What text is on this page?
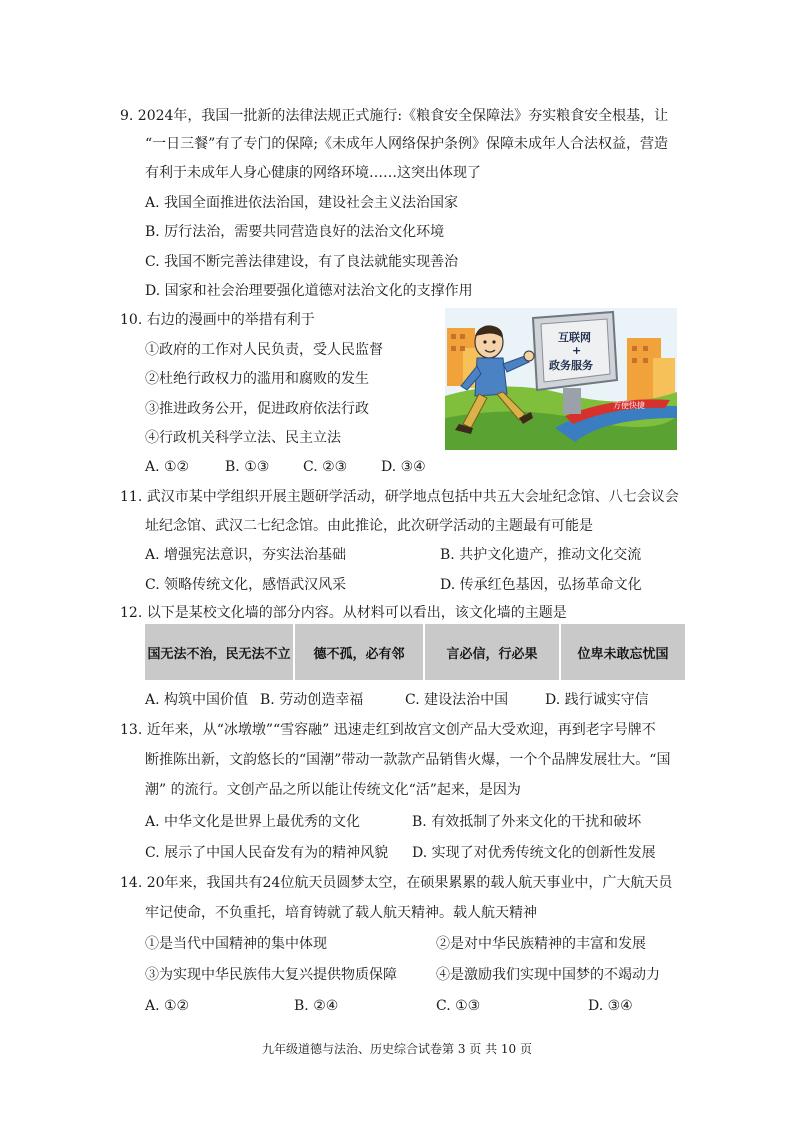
9. 2024年，我国一批新的法律法规正式施行:《粮食安全保障法》夯实粮食安全根基，让
“一日三餐”有了专门的保障;《未成年人网络保护条例》保障未成年人合法权益，营造
有利于未成年人身心健康的网络环境……这突出体现了
A. 我国全面推进依法治国，建设社会主义法治国家
B. 厉行法治，需要共同营造良好的法治文化环境
C. 我国不断完善法律建设，有了良法就能实现善治
D. 国家和社会治理要强化道德对法治文化的支撑作用
10. 右边的漫画中的举措有利于
①政府的工作对人民负责，受人民监督
②杜绝行政权力的滥用和腐败的发生
③推进政务公开，促进政府依法行政
④行政机关科学立法、民主立法
A. ①②	B. ①③ C. ②③ D. ③④
方便快捷
互联网
+
政务服务
11. 武汉市某中学组织开展主题研学活动，研学地点包括中共五大会址纪念馆、八七会议会
址纪念馆、武汉二七纪念馆。由此推论，此次研学活动的主题最有可能是
A. 增强宪法意识，夯实法治基础	B. 共护文化遗产，推动文化交流
C. 领略传统文化，感悟武汉风采	D. 传承红色基因，弘扬革命文化
12. 以下是某校文化墙的部分内容。从材料可以看出，该文化墙的主题是
国无法不治，民无法不立	德不孤，必有邻	言必信，行必果	位卑未敢忘忧国
A. 构筑中国价值 B. 劳动创造幸福	C. 建设法治中国	D. 践行诚实守信
13. 近年来，从“冰墩墩”“雪容融” 迅速走红到故宫文创产品大受欢迎，再到老字号牌不
断推陈出新，文韵悠长的“国潮”带动一款款产品销售火爆，一个个品牌发展壮大。“国
潮” 的流行。文创产品之所以能让传统文化“活”起来，是因为
A. 中华文化是世界上最优秀的文化	B. 有效抵制了外来文化的干扰和破坏
C. 展示了中国人民奋发有为的精神风貌 D. 实现了对优秀传统文化的创新性发展
14. 20年来，我国共有24位航天员圆梦太空，在硕果累累的载人航天事业中，广大航天员
牢记使命，不负重托，培育铸就了载人航天精神。载人航天精神
①是当代中国精神的集中体现	②是对中华民族精神的丰富和发展
③为实现中华民族伟大复兴提供物质保障	④是激励我们实现中国梦的不竭动力
A. ①②	B. ②④	C. ①③	D. ③④
九年级道德与法治、历史综合试卷第 3 页 共 10 页
